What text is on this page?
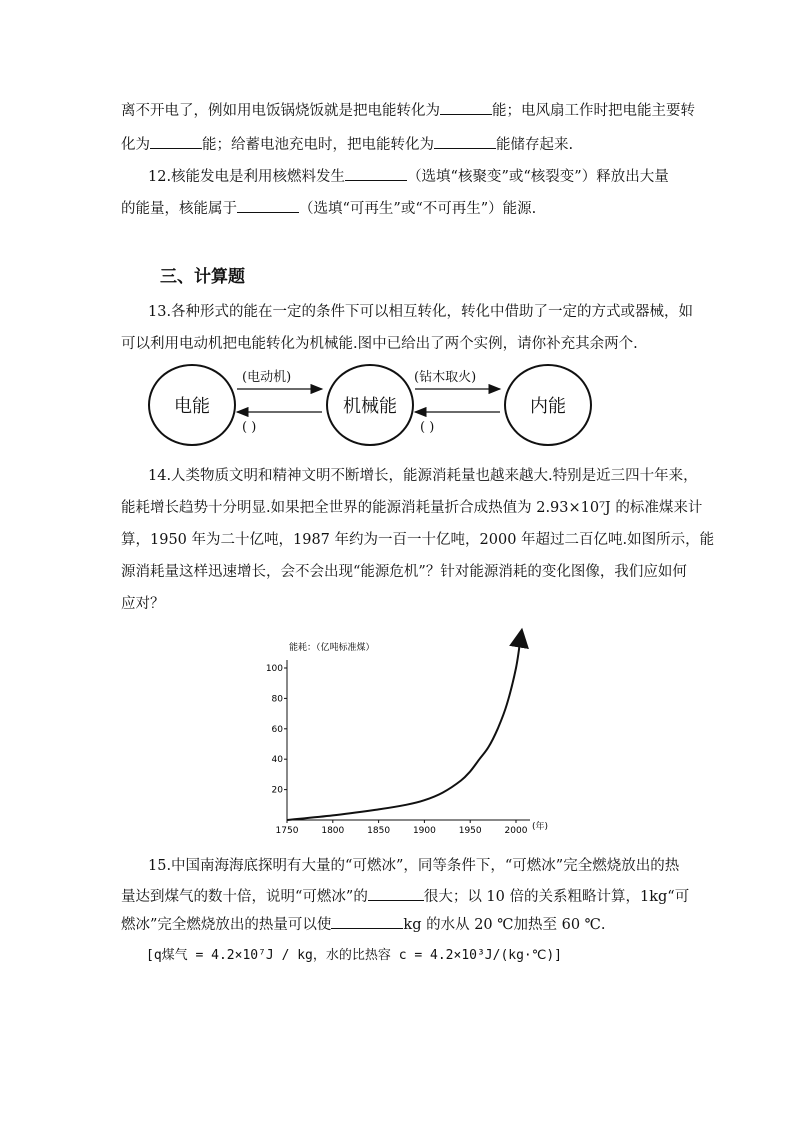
离不开电了，例如用电饭锅烧饭就是把电能转化为	能；电风扇工作时把电能主要转
化为	能；给蓄电池充电时，把电能转化为	能储存起来.
12.核能发电是利用核燃料发生	（选填“核聚变”或“核裂变”）释放出大量
的能量，核能属于	（选填“可再生”或“不可再生”）能源.
三、计算题
13.各种形式的能在一定的条件下可以相互转化，转化中借助了一定的方式或器械，如
可以利用电动机把电能转化为机械能.图中已给出了两个实例，请你补充其余两个.
电能	机械能	内能
(电动机)	(钻木取火)
( )	( )
14.人类物质文明和精神文明不断增长，能源消耗量也越来越大.特别是近三四十年来，
能耗增长趋势十分明显.如果把全世界的能源消耗量折合成热值为 2.93×10⁷J 的标准煤来计
算，1950 年为二十亿吨，1987 年约为一百一十亿吨，2000 年超过二百亿吨.如图所示，能
源消耗量这样迅速增长，会不会出现“能源危机”？针对能源消耗的变化图像，我们应如何
应对？
能耗：（亿吨标准煤）
(年)
20
40
60
80
100
1750	1800	1850	1900	1950	2000
15.中国南海海底探明有大量的“可燃冰”，同等条件下，“可燃冰”完全燃烧放出的热
量达到煤气的数十倍，说明“可燃冰”的	很大；以 10 倍的关系粗略计算，1kg“可
燃冰”完全燃烧放出的热量可以使	kg 的水从 20 ℃加热至 60 ℃.
[q煤气 = 4.2×10⁷J / kg，水的比热容 c = 4.2×10³J/(kg·℃)]
